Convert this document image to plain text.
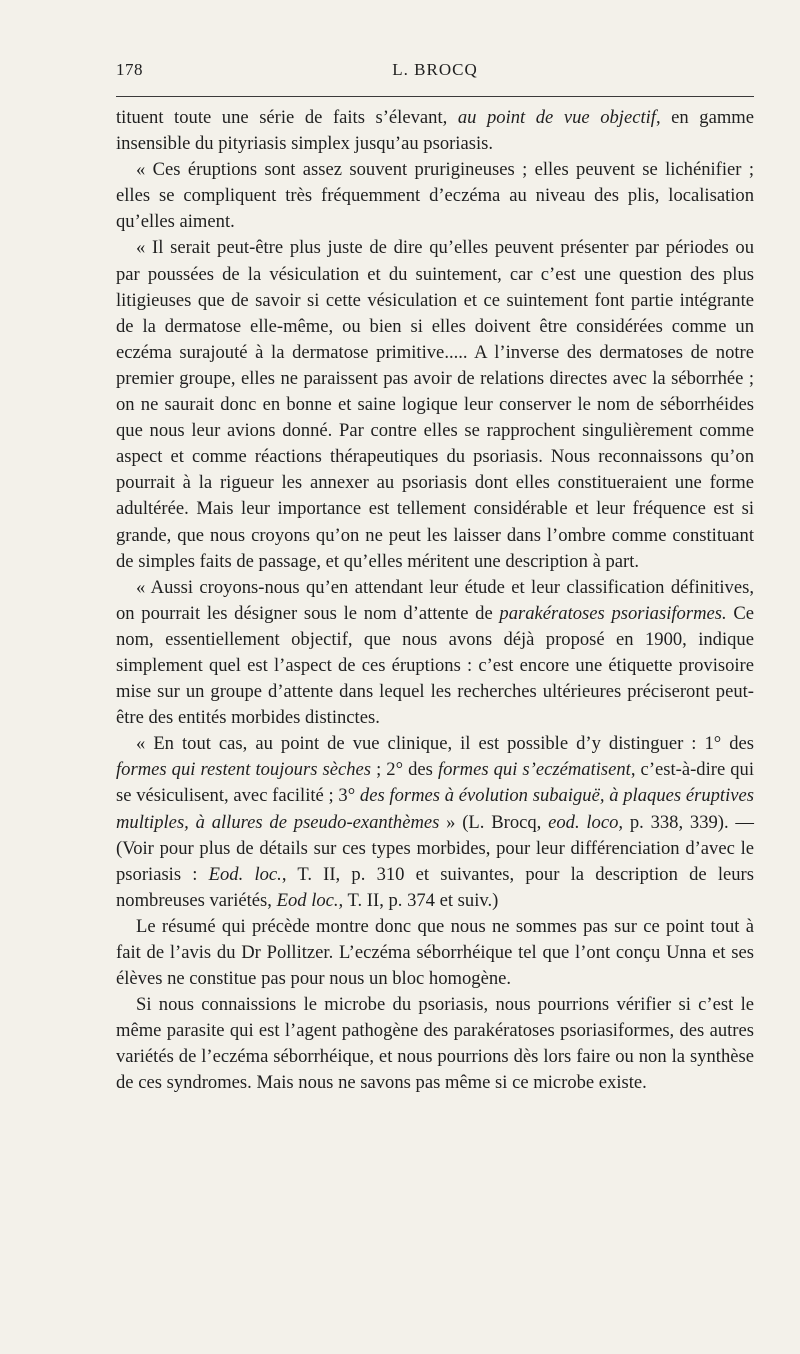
178	L. BROCQ

tituent toute une série de faits s’élevant, au point de vue objectif, en gamme insensible du pityriasis simplex jusqu’au psoriasis.

« Ces éruptions sont assez souvent prurigineuses ; elles peuvent se lichénifier ; elles se compliquent très fréquemment d’eczéma au niveau des plis, localisation qu’elles aiment.

« Il serait peut-être plus juste de dire qu’elles peuvent présenter par périodes ou par poussées de la vésiculation et du suintement, car c’est une question des plus litigieuses que de savoir si cette vésiculation et ce suintement font partie intégrante de la dermatose elle-même, ou bien si elles doivent être considérées comme un eczéma surajouté à la dermatose primitive..... A l’inverse des dermatoses de notre premier groupe, elles ne paraissent pas avoir de relations directes avec la séborrhée ; on ne saurait donc en bonne et saine logique leur conserver le nom de séborrhéides que nous leur avions donné. Par contre elles se rapprochent singulièrement comme aspect et comme réactions thérapeutiques du psoriasis. Nous reconnaissons qu’on pourrait à la rigueur les annexer au psoriasis dont elles constitueraient une forme adultérée. Mais leur importance est tellement considérable et leur fréquence est si grande, que nous croyons qu’on ne peut les laisser dans l’ombre comme constituant de simples faits de passage, et qu’elles méritent une description à part.

« Aussi croyons-nous qu’en attendant leur étude et leur classification définitives, on pourrait les désigner sous le nom d’attente de parakératoses psoriasiformes. Ce nom, essentiellement objectif, que nous avons déjà proposé en 1900, indique simplement quel est l’aspect de ces éruptions : c’est encore une étiquette provisoire mise sur un groupe d’attente dans lequel les recherches ultérieures préciseront peut-être des entités morbides distinctes.

« En tout cas, au point de vue clinique, il est possible d’y distinguer : 1° des formes qui restent toujours sèches ; 2° des formes qui s’eczématisent, c’est-à-dire qui se vésiculisent, avec facilité ; 3° des formes à évolution subaiguë, à plaques éruptives multiples, à allures de pseudo-exanthèmes » (L. Brocq, eod. loco, p. 338, 339). — (Voir pour plus de détails sur ces types morbides, pour leur différenciation d’avec le psoriasis : Eod. loc., T. II, p. 310 et suivantes, pour la description de leurs nombreuses variétés, Eod loc., T. II, p. 374 et suiv.)

Le résumé qui précède montre donc que nous ne sommes pas sur ce point tout à fait de l’avis du Dr Pollitzer. L’eczéma séborrhéique tel que l’ont conçu Unna et ses élèves ne constitue pas pour nous un bloc homogène.

Si nous connaissions le microbe du psoriasis, nous pourrions vérifier si c’est le même parasite qui est l’agent pathogène des parakératoses psoriasiformes, des autres variétés de l’eczéma séborrhéique, et nous pourrions dès lors faire ou non la synthèse de ces syndromes. Mais nous ne savons pas même si ce microbe existe.
